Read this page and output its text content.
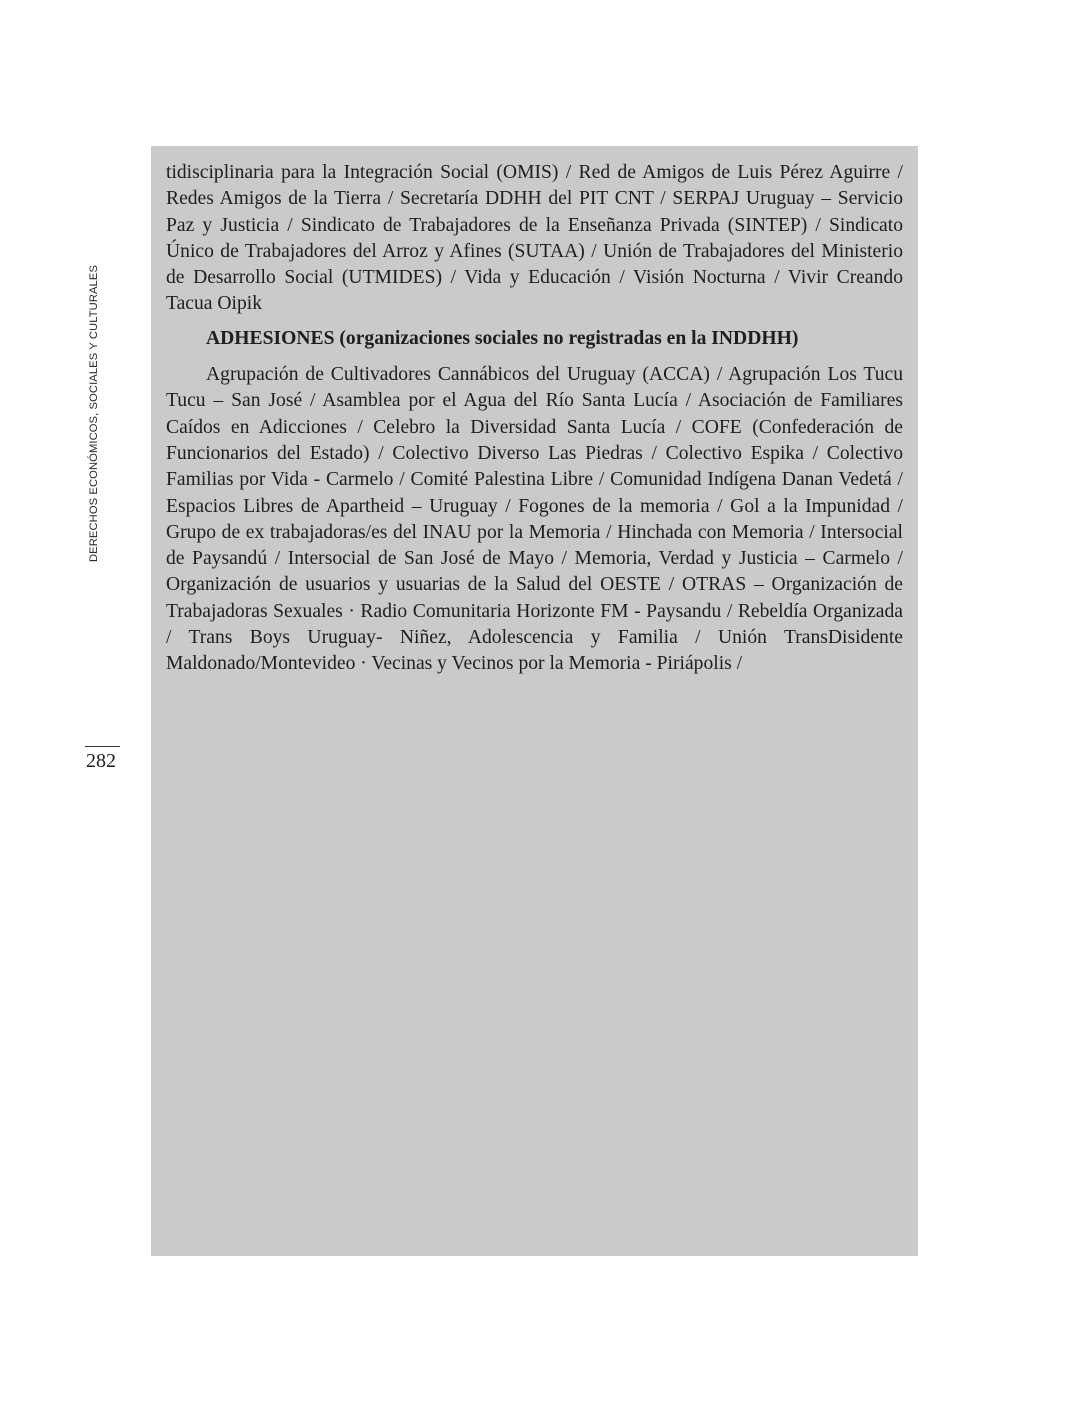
DERECHOS ECONÓMICOS, SOCIALES Y CULTURALES
282

tidisciplinaria para la Integración Social (OMIS) / Red de Amigos de Luis Pérez Aguirre / Redes Amigos de la Tierra / Secretaría DDHH del PIT CNT / SERPAJ Uruguay – Servicio Paz y Justicia / Sindicato de Trabajadores de la Enseñanza Privada (SINTEP) / Sindicato Único de Trabajadores del Arroz y Afines (SUTAA) / Unión de Trabajadores del Ministerio de Desarrollo Social (UTMIDES) / Vida y Educación / Visión Nocturna / Vivir Creando Tacua Oipik

ADHESIONES (organizaciones sociales no registradas en la INDDHH)

Agrupación de Cultivadores Cannábicos del Uruguay (ACCA) / Agrupación Los Tucu Tucu – San José / Asamblea por el Agua del Río Santa Lucía / Asociación de Familiares Caídos en Adicciones / Celebro la Diversidad Santa Lucía / COFE (Confederación de Funcionarios del Estado) / Colectivo Diverso Las Piedras / Colectivo Espika / Colectivo Familias por Vida - Carmelo / Comité Palestina Libre / Comunidad Indígena Danan Vedetá / Espacios Libres de Apartheid – Uruguay / Fogones de la memoria / Gol a la Impunidad / Grupo de ex trabajadoras/es del INAU por la Memoria / Hinchada con Memoria / Intersocial de Paysandú / Intersocial de San José de Mayo / Memoria, Verdad y Justicia – Carmelo / Organización de usuarios y usuarias de la Salud del OESTE / OTRAS – Organización de Trabajadoras Sexuales · Radio Comunitaria Horizonte FM - Paysandu / Rebeldía Organizada / Trans Boys Uruguay- Niñez, Adolescencia y Familia / Unión TransDisidente Maldonado/Montevideo · Vecinas y Vecinos por la Memoria - Piriápolis /
